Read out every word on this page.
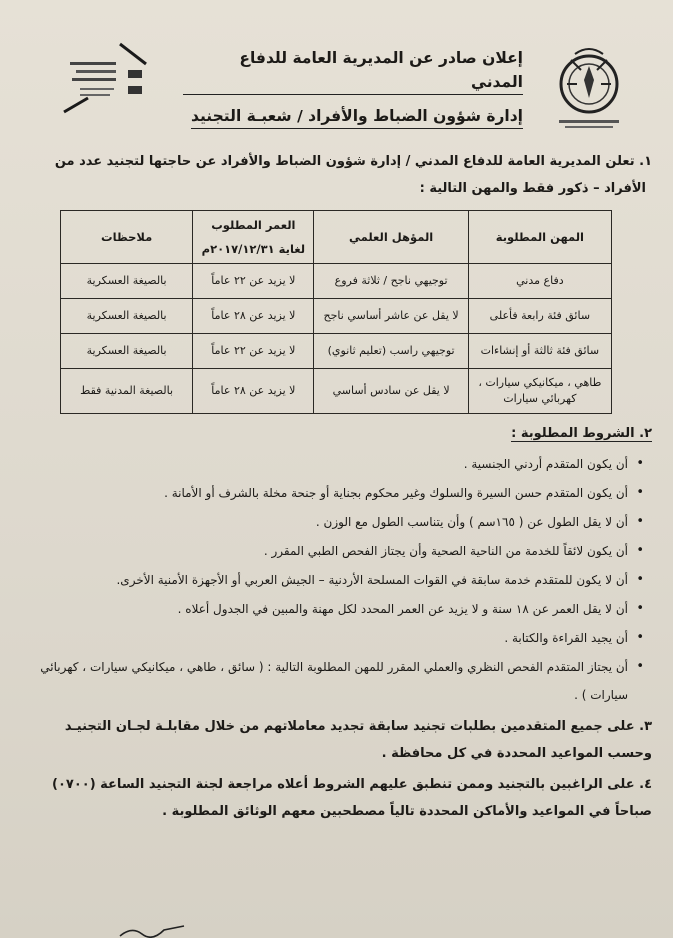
إعلان صادر عن المديرية العامة للدفاع المدني
إدارة شؤون الضباط والأفراد / شعبـة التجنيد
١. تعلن المديرية العامة للدفاع المدني / إدارة شؤون الضباط والأفراد عن حاجتها لتجنيد عدد من
الأفراد – ذكور فقط والمهن التالية :
المهن المطلوبة	المؤهل العلمي	العمر المطلوب لغاية ٢٠١٧/١٢/٣١م	ملاحظات
دفاع مدني	توجيهي ناجح / ثلاثة فروع	لا يزيد عن ٢٢ عاماً	بالصيغة العسكرية
سائق فئة رابعة فأعلى	لا يقل عن عاشر أساسي ناجح	لا يزيد عن ٢٨ عاماً	بالصيغة العسكرية
سائق فئة ثالثة أو إنشاءات	توجيهي راسب (تعليم ثانوي)	لا يزيد عن ٢٢ عاماً	بالصيغة العسكرية
طاهي ، ميكانيكي سيارات ، كهربائي سيارات	لا يقل عن سادس أساسي	لا يزيد عن ٢٨ عاماً	بالصيغة المدنية فقط
٢. الشروط المطلوبة :
•
أن يكون المتقدم أردني الجنسية .
•
أن يكون المتقدم حسن السيرة والسلوك وغير محكوم بجناية أو جنحة مخلة بالشرف أو الأمانة .
•
أن لا يقل الطول عن ( ١٦٥سم ) وأن يتناسب الطول مع الوزن .
•
أن يكون لائقاً للخدمة من الناحية الصحية وأن يجتاز الفحص الطبي المقرر .
•
أن لا يكون للمتقدم خدمة سابقة في القوات المسلحة الأردنية – الجيش العربي أو الأجهزة الأمنية الأخرى.
•
أن لا يقل العمر عن ١٨ سنة و لا يزيد عن العمر المحدد لكل مهنة والمبين في الجدول أعلاه .
•
أن يجيد القراءة والكتابة .
•
أن يجتاز المتقدم الفحص النظري والعملي المقرر للمهن المطلوبة التالية : ( سائق ، طاهي ، ميكانيكي سيارات ، كهربائي سيارات ) .
٣. على جميع المتقدمين بطلبات تجنيد سابقة تجديد معاملاتهم من خلال مقابلـة لجـان التجنيـد وحسب المواعيد المحددة في كل محافظة .
٤. على الراغبين بالتجنيد وممن تنطبق عليهم الشروط أعلاه مراجعة لجنة التجنيد الساعة (٠٧٠٠) صباحاً في المواعيد والأماكن المحددة تالياً مصطحبين معهم الوثائق المطلوبة .
